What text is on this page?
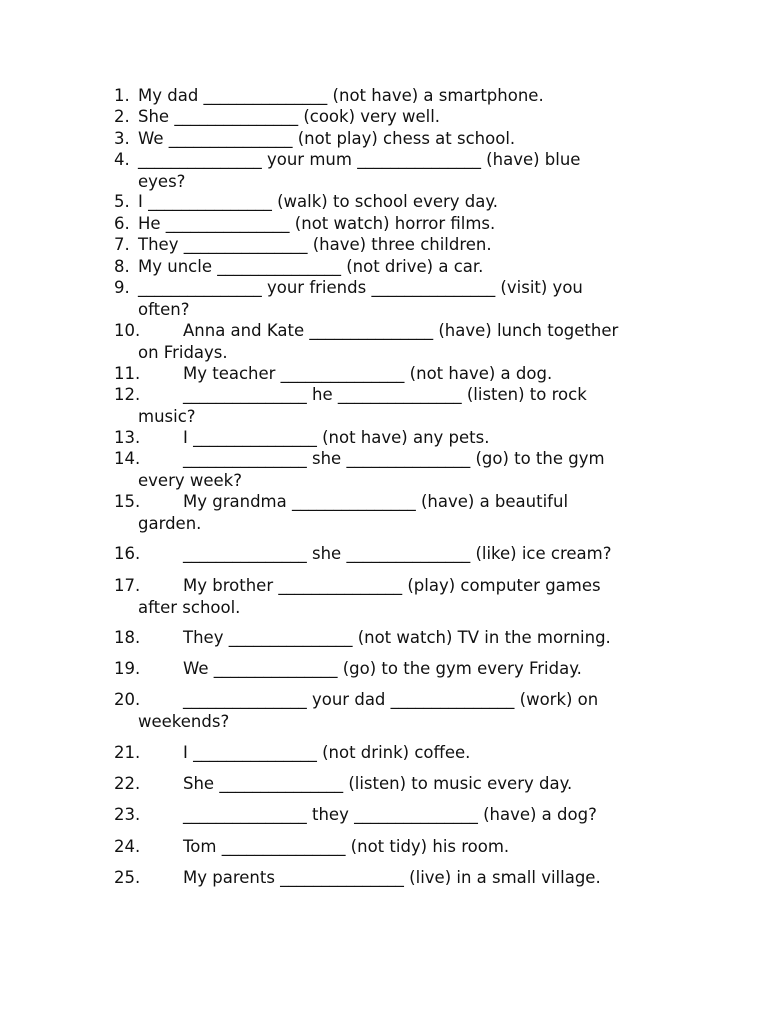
1. My dad _______________ (not have) a smartphone.
2. She _______________ (cook) very well.
3. We _______________ (not play) chess at school.
4. _______________ your mum _______________ (have) blue
eyes?
5. I _______________ (walk) to school every day.
6. He _______________ (not watch) horror films.
7. They _______________ (have) three children.
8. My uncle _______________ (not drive) a car.
9. _______________ your friends _______________ (visit) you
often?
10.	Anna and Kate _______________ (have) lunch together
on Fridays.
11.	My teacher _______________ (not have) a dog.
12.	_______________ he _______________ (listen) to rock
music?
13.	I _______________ (not have) any pets.
14.	_______________ she _______________ (go) to the gym
every week?
15.	My grandma _______________ (have) a beautiful
garden.
16.	_______________ she _______________ (like) ice cream?
17.	My brother _______________ (play) computer games
after school.
18.	They _______________ (not watch) TV in the morning.
19.	We _______________ (go) to the gym every Friday.
20.	_______________ your dad _______________ (work) on
weekends?
21.	I _______________ (not drink) coffee.
22.	She _______________ (listen) to music every day.
23.	_______________ they _______________ (have) a dog?
24.	Tom _______________ (not tidy) his room.
25.	My parents _______________ (live) in a small village.
